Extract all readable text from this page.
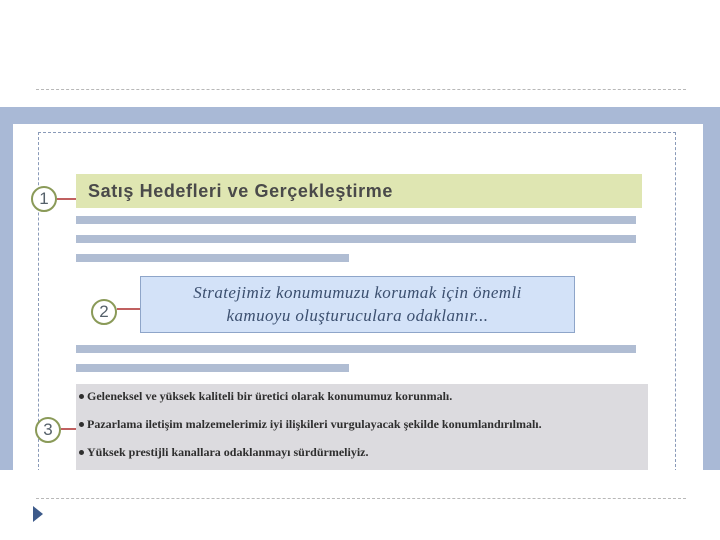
1	Satış Hedefleri ve Gerçekleştirme
2
Stratejimiz konumumuzu korumak için önemli
kamuoyu oluşturuculara odaklanır...
3
Geleneksel ve yüksek kaliteli bir üretici olarak konumumuz korunmalı.
Pazarlama iletişim malzemelerimiz iyi ilişkileri vurgulayacak şekilde konumlandırılmalı.
Yüksek prestijli kanallara odaklanmayı sürdürmeliyiz.
